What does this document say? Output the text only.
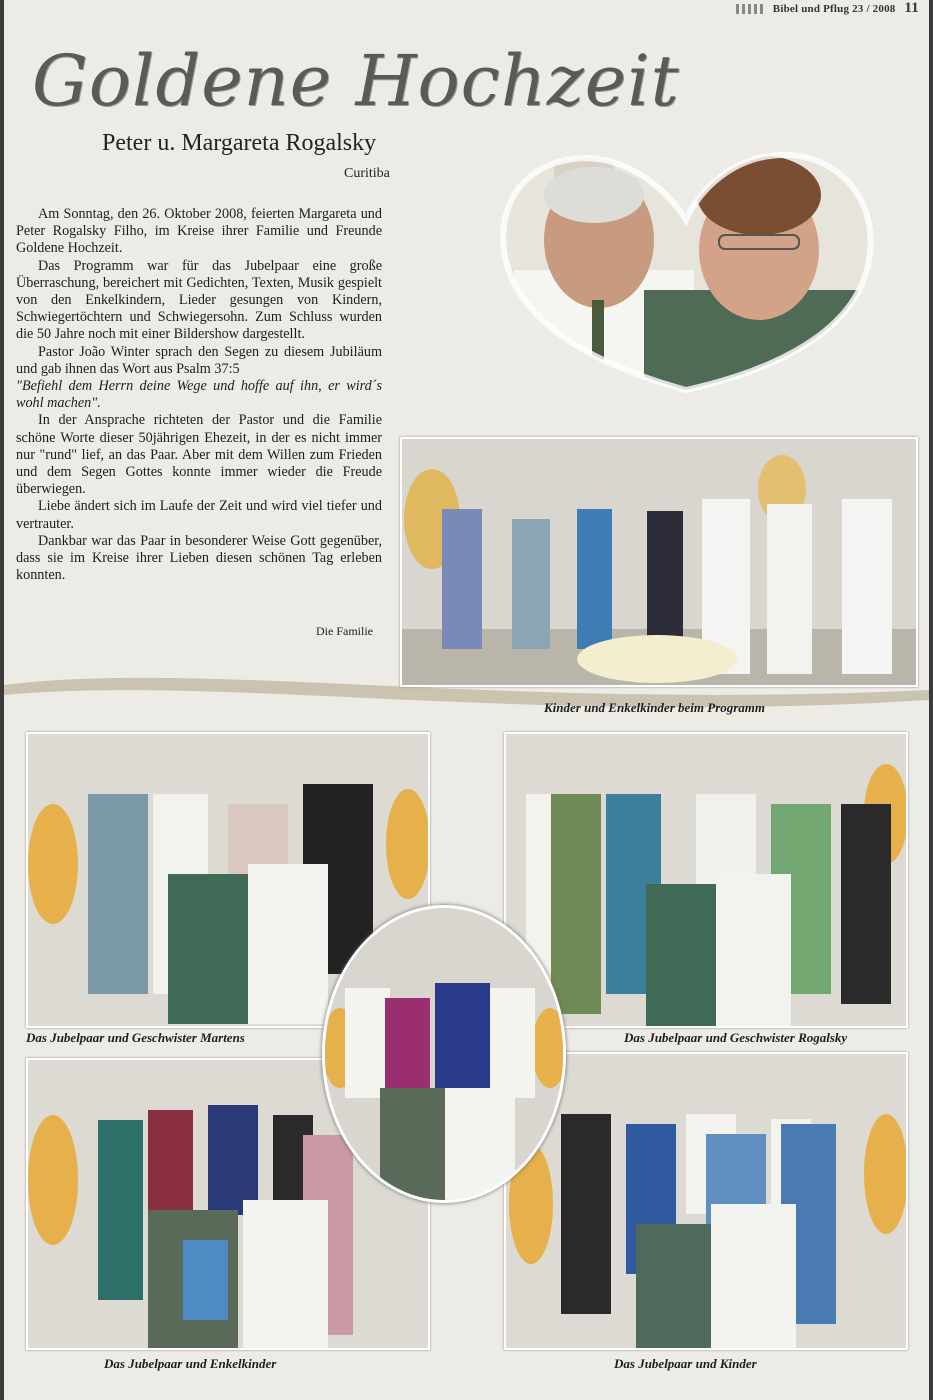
Bibel und Pflug 23 / 2008 11
Goldene Hochzeit
Peter u. Margareta Rogalsky
Curitiba

Am Sonntag, den 26. Oktober 2008, feierten Margareta und Peter Rogalsky Filho, im Kreise ihrer Familie und Freunde Goldene Hochzeit.

Das Programm war für das Jubelpaar eine große Überraschung, bereichert mit Gedichten, Texten, Musik gespielt von den Enkelkindern, Lieder gesungen von Kindern, Schwiegertöchtern und Schwiegersohn. Zum Schluss wurden die 50 Jahre noch mit einer Bildershow dargestellt.

Pastor João Winter sprach den Segen zu diesem Jubiläum und gab ihnen das Wort aus Psalm 37:5

"Befiehl dem Herrn deine Wege und hoffe auf ihn, er wird´s wohl machen".

In der Ansprache richteten der Pastor und die Familie schöne Worte dieser 50jährigen Ehezeit, in der es nicht immer nur "rund" lief, an das Paar. Aber mit dem Willen zum Frieden und dem Segen Gottes konnte immer wieder die Freude überwiegen.

Liebe ändert sich im Laufe der Zeit und wird viel tiefer und vertrauter.

Dankbar war das Paar in besonderer Weise Gott gegenüber, dass sie im Kreise ihrer Lieben diesen schönen Tag erleben konnten.

Die Familie
Kinder und Enkelkinder beim Programm
Das Jubelpaar und Geschwister Martens	Das Jubelpaar und Geschwister Rogalsky
Das Jubelpaar und Enkelkinder	Das Jubelpaar und Kinder
